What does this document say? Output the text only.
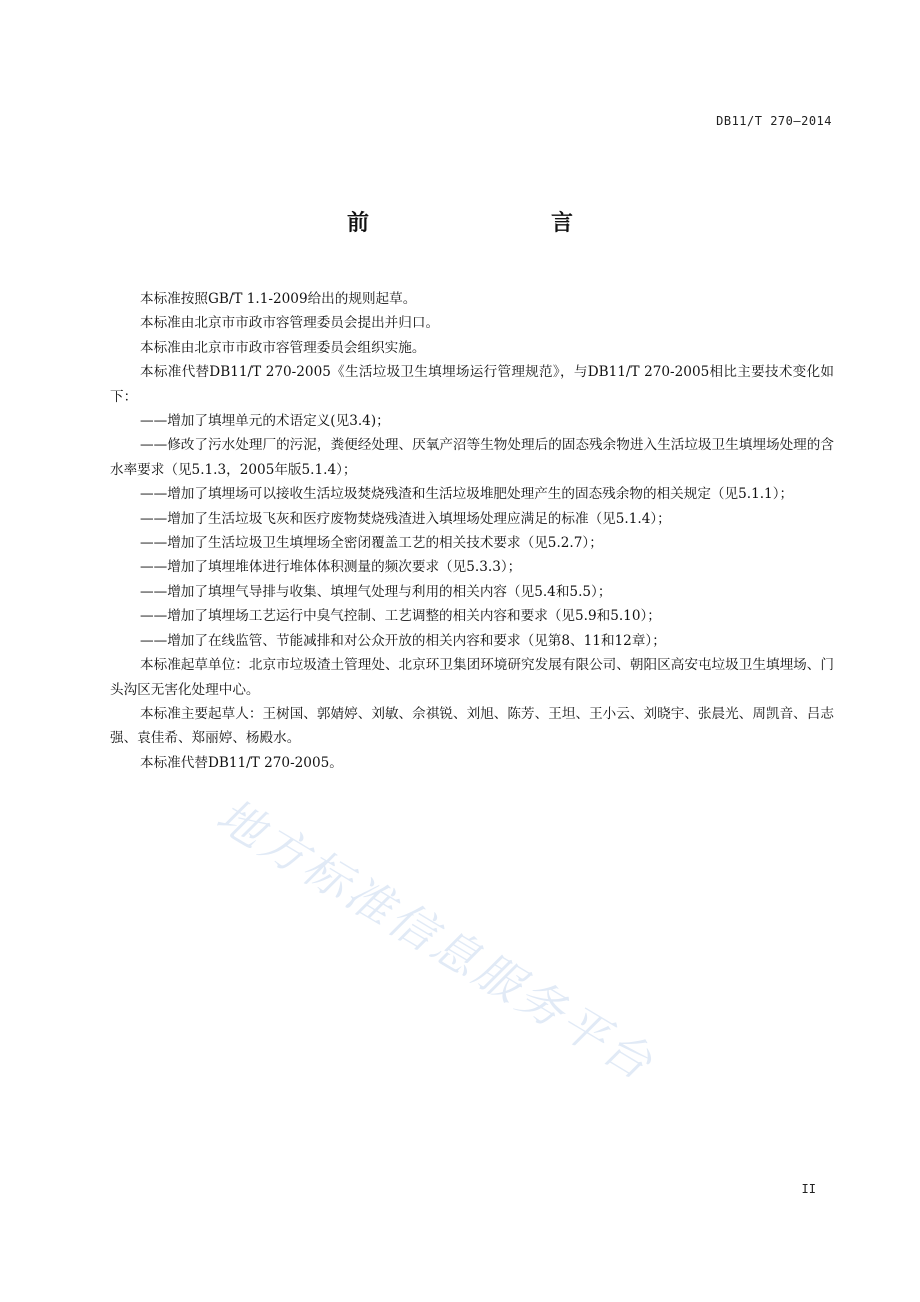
DB11/T 270—2014
前　　言

本标准按照GB/T 1.1-2009给出的规则起草。

本标准由北京市市政市容管理委员会提出并归口。

本标准由北京市市政市容管理委员会组织实施。

本标准代替DB11/T 270-2005《生活垃圾卫生填埋场运行管理规范》，与DB11/T 270-2005相比主要技术变化如下：

——增加了填埋单元的术语定义(见3.4)；

——修改了污水处理厂的污泥，粪便经处理、厌氧产沼等生物处理后的固态残余物进入生活垃圾卫生填埋场处理的含水率要求（见5.1.3，2005年版5.1.4）；

——增加了填埋场可以接收生活垃圾焚烧残渣和生活垃圾堆肥处理产生的固态残余物的相关规定（见5.1.1）；

——增加了生活垃圾飞灰和医疗废物焚烧残渣进入填埋场处理应满足的标准（见5.1.4）；

——增加了生活垃圾卫生填埋场全密闭覆盖工艺的相关技术要求（见5.2.7）；

——增加了填埋堆体进行堆体体积测量的频次要求（见5.3.3）；

——增加了填埋气导排与收集、填埋气处理与利用的相关内容（见5.4和5.5）；

——增加了填埋场工艺运行中臭气控制、工艺调整的相关内容和要求（见5.9和5.10）；

——增加了在线监管、节能减排和对公众开放的相关内容和要求（见第8、11和12章）；

本标准起草单位：北京市垃圾渣土管理处、北京环卫集团环境研究发展有限公司、朝阳区高安屯垃圾卫生填埋场、门头沟区无害化处理中心。

本标准主要起草人：王树国、郭婧婷、刘敏、佘祺锐、刘旭、陈芳、王坦、王小云、刘晓宇、张晨光、周凯音、吕志强、袁佳希、郑丽婷、杨殿水。

本标准代替DB11/T 270-2005。

地方标准信息服务平台
II
